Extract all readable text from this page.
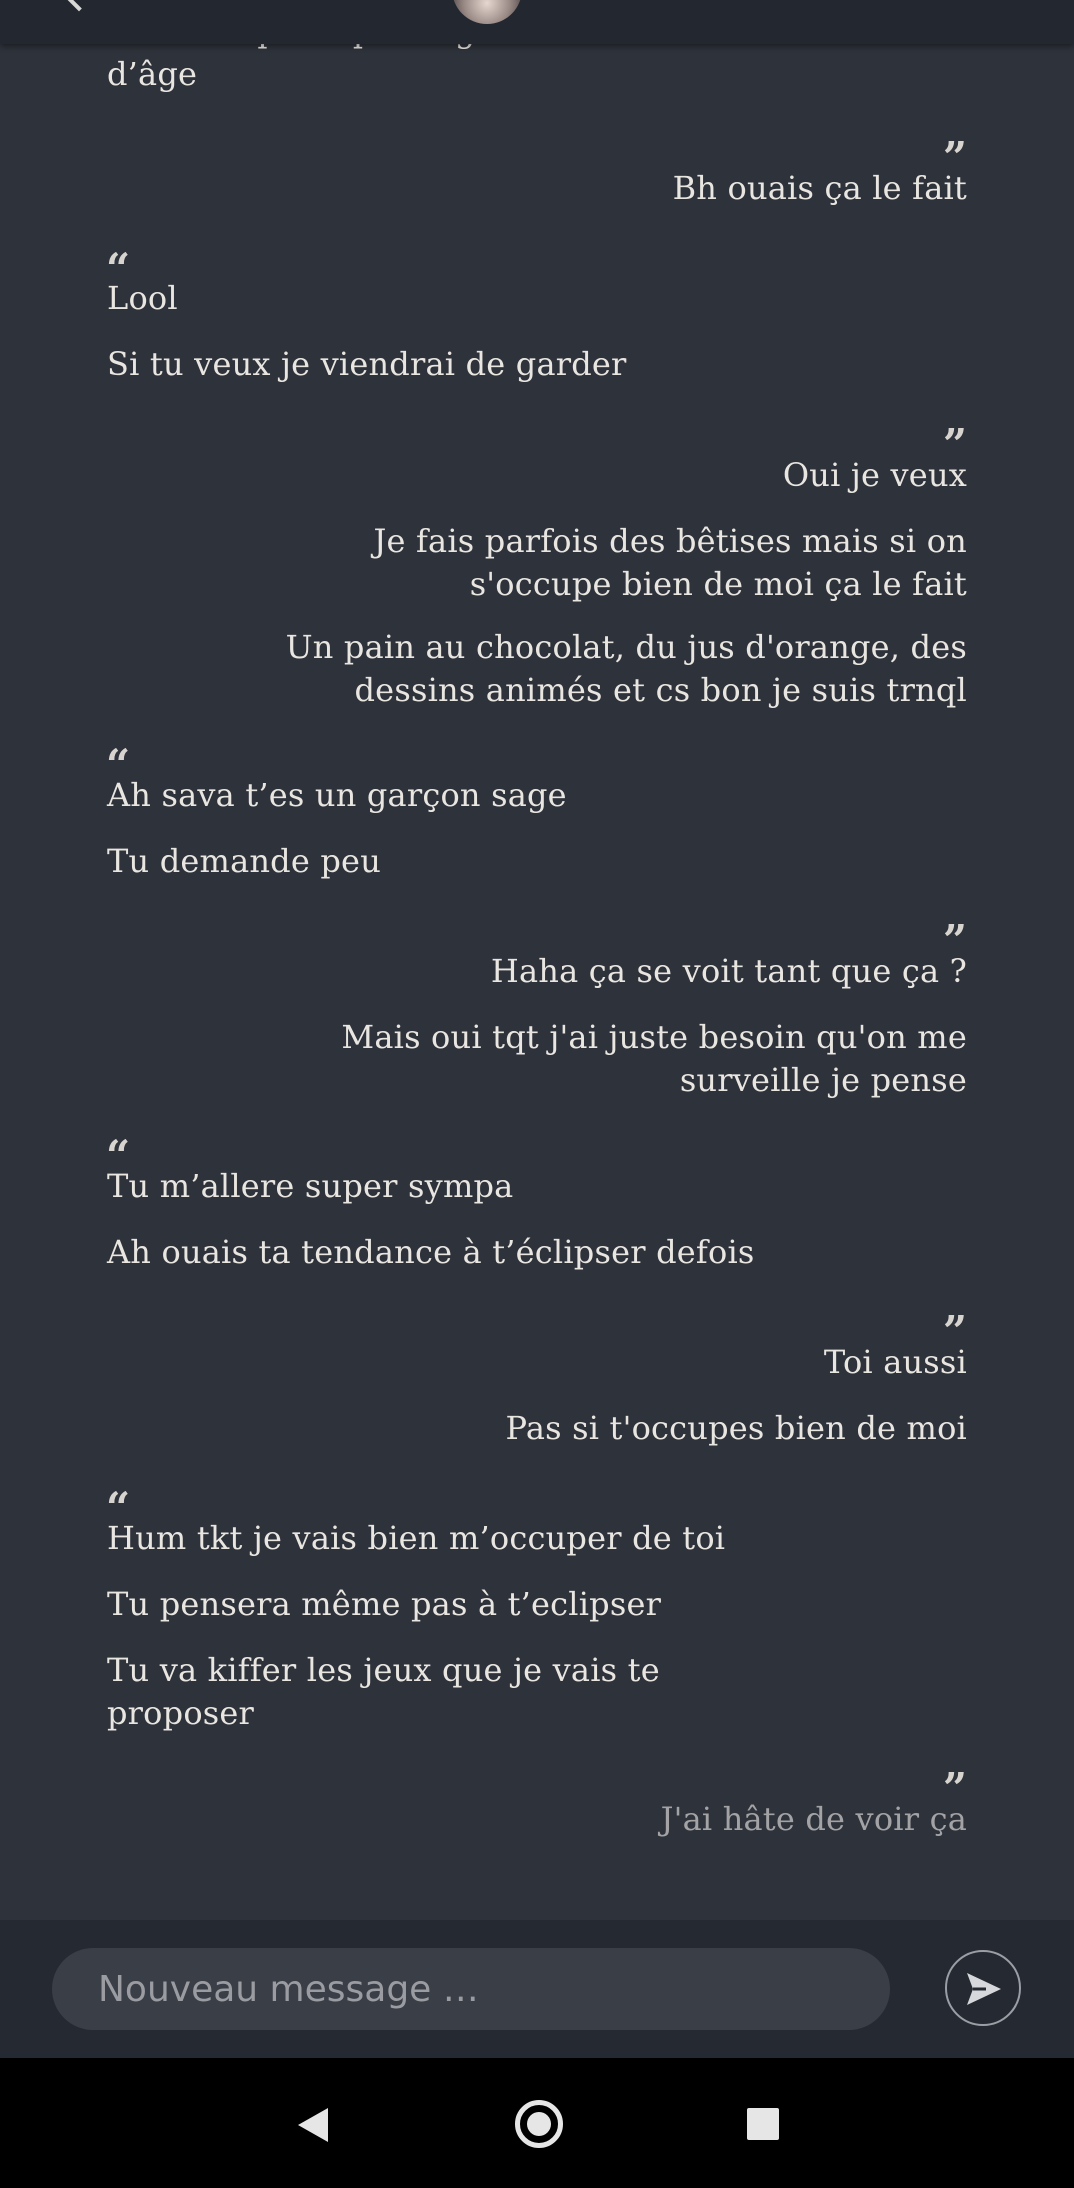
d’âge
”
Bh ouais ça le fait
“
Lool
Si tu veux je viendrai de garder
”
Oui je veux
Je fais parfois des bêtises mais si on
s'occupe bien de moi ça le fait
Un pain au chocolat, du jus d'orange, des
dessins animés et cs bon je suis trnql
“
Ah sava t’es un garçon sage
Tu demande peu
”
Haha ça se voit tant que ça ?
Mais oui tqt j'ai juste besoin qu'on me
surveille je pense
“
Tu m’allere super sympa
Ah ouais ta tendance à t’éclipser defois
”
Toi aussi
Pas si t'occupes bien de moi
“
Hum tkt je vais bien m’occuper de toi
Tu pensera même pas à t’eclipser
Tu va kiffer les jeux que je vais te
proposer
”
J'ai hâte de voir ça
Nouveau message …
